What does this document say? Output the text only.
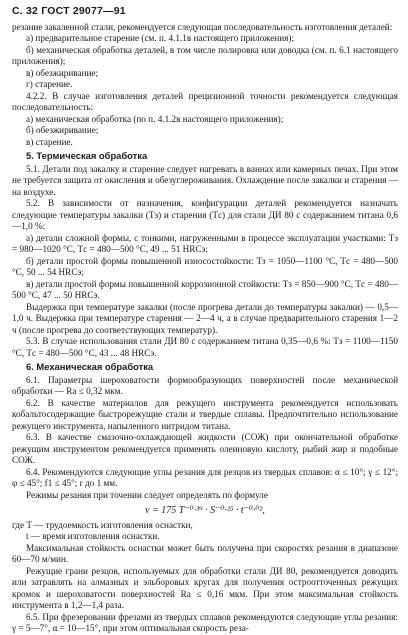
С. 32 ГОСТ 29077—91

резание закаленной стали, рекомендуется следующая последовательность изготовления деталей:

а) предварительное старение (см. п. 4.1.1в настоящего приложения);

б) механическая обработка деталей, в том числе полировка или доводка (см. п. 6.1 настоящего приложения);

в) обезжиривание;

г) старение.

4.2.2. В случае изготовления деталей прецизионной точности рекомендуется следующая последовательность:

а) механическая обработка (по п. 4.1.2в настоящего приложения);

б) обезжиривание;

в) старение.

5. Термическая обработка

5.1. Детали под закалку и старение следует нагревать в ваннах или камерных печах. При этом не требуется защита от окисления и обезуглероживания. Охлаждение после закалки и старения — на воздухе.

5.2. В зависимости от назначения, конфигурации деталей рекомендуется назначать следующие температуры закалки (Tз) и старения (Tс) для стали ДИ 80 с содержанием титана 0,6—1,0 %:

а) детали сложной формы, с тонкими, нагруженными в процессе эксплуатации участками: Tз = 980—1020 °С, Tс = 480—500 °С, 49 ... 51 HRCэ;

б) детали простой формы повышенной износостойкости: Tз = 1050—1100 °С, Tс = 480—500 °С, 50 ... 54 HRCэ;

в) детали простой формы повышенной коррозионной стойкости: Tз = 850—900 °С, Tс = 480—500 °С, 47 ... 50 HRCэ.

Выдержка при температуре закалки (после прогрева детали до температуры закалки) — 0,5—1,0 ч. Выдержка при температуре старения — 2—4 ч, а в случае предварительного старения 1—2 ч (после прогрева до соответствующих температур).

5.3. В случае использования стали ДИ 80 с содержанием титана 0,35—0,6 %: Tз = 1100—1150 °С, Tс = 480—500 °С, 43 ... 48 HRCэ.

6. Механическая обработка

6.1. Параметры шероховатости формообразующих поверхностей после механической обработки — Ra ≤ 0,32 мкм.

6.2. В качестве материалов для режущего инструмента рекомендуется использовать кобальтосодержащие быстрорежущие стали и твердые сплавы. Предпочтительно использование режущего инструмента, напыленного нитридом титана.

6.3. В качестве смазочно-охлаждающей жидкости (СОЖ) при окончательной обработке режущим инструментом рекомендуется применять олеиновую кислоту, рыбий жир и подобные СОЖ.

6.4. Рекомендуются следующие углы резания для резцов из твердых сплавов: α ≤ 10°; γ ≤ 12°; φ ≤ 45°; f1 ≤ 45°; r до 1 мм.

Режимы резания при точении следует определять по формуле

v = 175 T⁻⁰·³⁹ · S⁻⁰·²⁵ · t⁻⁰·⁰²,

где T — трудоемкость изготовления оснастки,

t — время изготовления оснастки.

Максимальная стойкость оснастки может быть получена при скоростях резания в диапазоне 60—70 м/мин.

Режущие грани резцов, используемых для обработки стали ДИ 80, рекомендуется доводить или затравлять на алмазных и эльборовых кругах для получения остроотточенных режущих кромок и шероховатости поверхностей Ra ≤ 0,16 мкм. При этом максимальная стойкость инструмента в 1,2—1,4 раза.

6.5. При фрезеровании фрезами из твердых сплавов рекомендуются следующие углы резания: γ = 5—7°, α = 10—15°, при этом оптимальная скорость реза-
